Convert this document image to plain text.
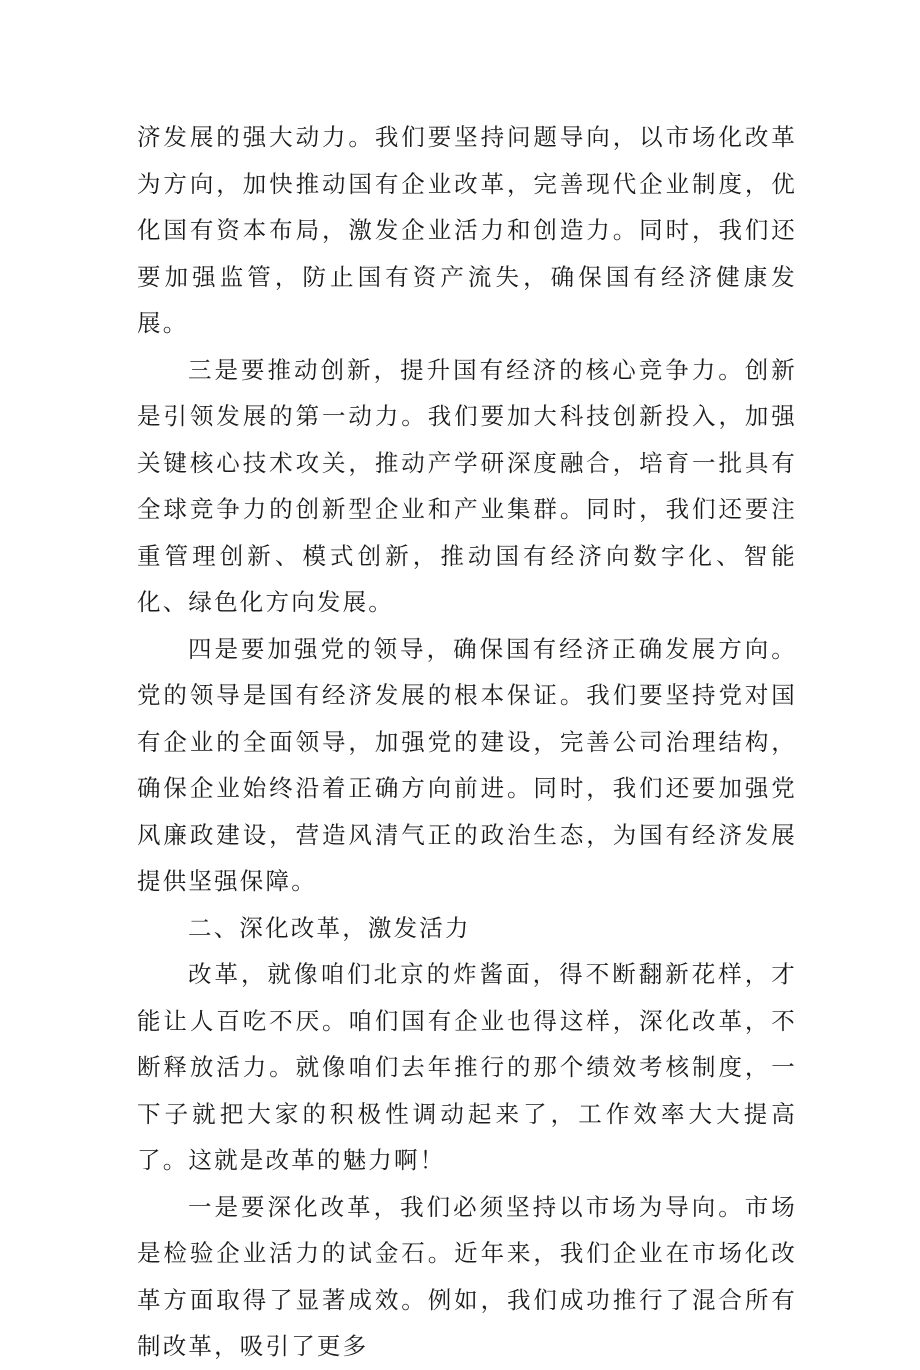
济发展的强大动力。我们要坚持问题导向，以市场化改革为方向，加快推动国有企业改革，完善现代企业制度，优化国有资本布局，激发企业活力和创造力。同时，我们还要加强监管，防止国有资产流失，确保国有经济健康发展。

三是要推动创新，提升国有经济的核心竞争力。创新是引领发展的第一动力。我们要加大科技创新投入，加强关键核心技术攻关，推动产学研深度融合，培育一批具有全球竞争力的创新型企业和产业集群。同时，我们还要注重管理创新、模式创新，推动国有经济向数字化、智能化、绿色化方向发展。

四是要加强党的领导，确保国有经济正确发展方向。党的领导是国有经济发展的根本保证。我们要坚持党对国有企业的全面领导，加强党的建设，完善公司治理结构，确保企业始终沿着正确方向前进。同时，我们还要加强党风廉政建设，营造风清气正的政治生态，为国有经济发展提供坚强保障。

二、深化改革，激发活力

改革，就像咱们北京的炸酱面，得不断翻新花样，才能让人百吃不厌。咱们国有企业也得这样，深化改革，不断释放活力。就像咱们去年推行的那个绩效考核制度，一下子就把大家的积极性调动起来了，工作效率大大提高了。这就是改革的魅力啊！

一是要深化改革，我们必须坚持以市场为导向。市场是检验企业活力的试金石。近年来，我们企业在市场化改革方面取得了显著成效。例如，我们成功推行了混合所有制改革，吸引了更多
